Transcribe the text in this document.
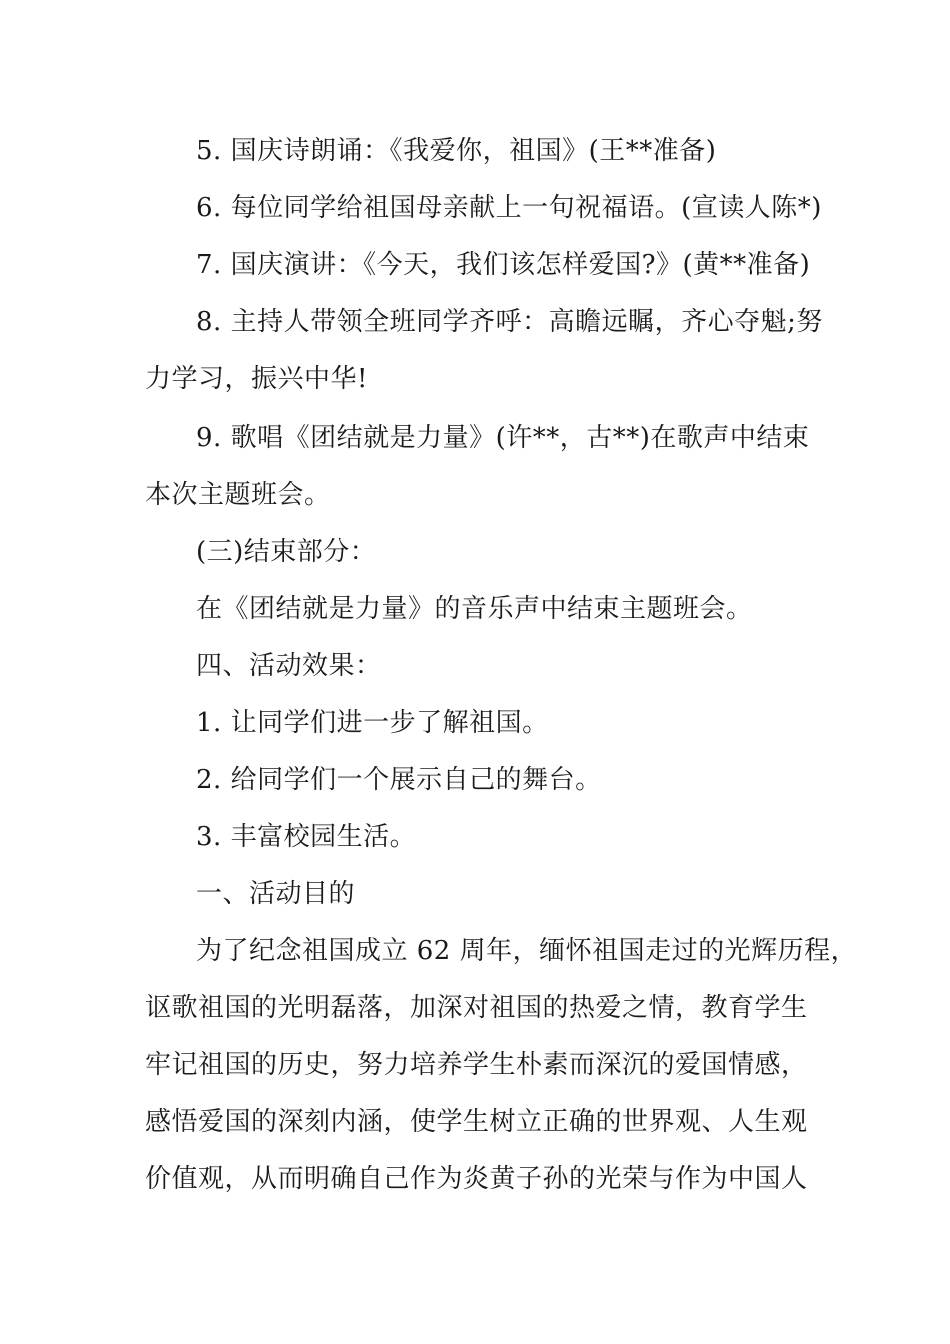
5. 国庆诗朗诵：《我爱你，祖国》(王**准备)

6. 每位同学给祖国母亲献上一句祝福语。(宣读人陈*)

7. 国庆演讲：《今天，我们该怎样爱国?》(黄**准备)

8. 主持人带领全班同学齐呼：高瞻远瞩，齐心夺魁;努
力学习，振兴中华!

9. 歌唱《团结就是力量》(许**，古**)在歌声中结束
本次主题班会。

(三)结束部分：

在《团结就是力量》的音乐声中结束主题班会。

四、活动效果：

1. 让同学们进一步了解祖国。

2. 给同学们一个展示自己的舞台。

3. 丰富校园生活。

一、活动目的

为了纪念祖国成立 62 周年，缅怀祖国走过的光辉历程，
讴歌祖国的光明磊落，加深对祖国的热爱之情，教育学生
牢记祖国的历史，努力培养学生朴素而深沉的爱国情感，
感悟爱国的深刻内涵，使学生树立正确的世界观、人生观
价值观，从而明确自己作为炎黄子孙的光荣与作为中国人
